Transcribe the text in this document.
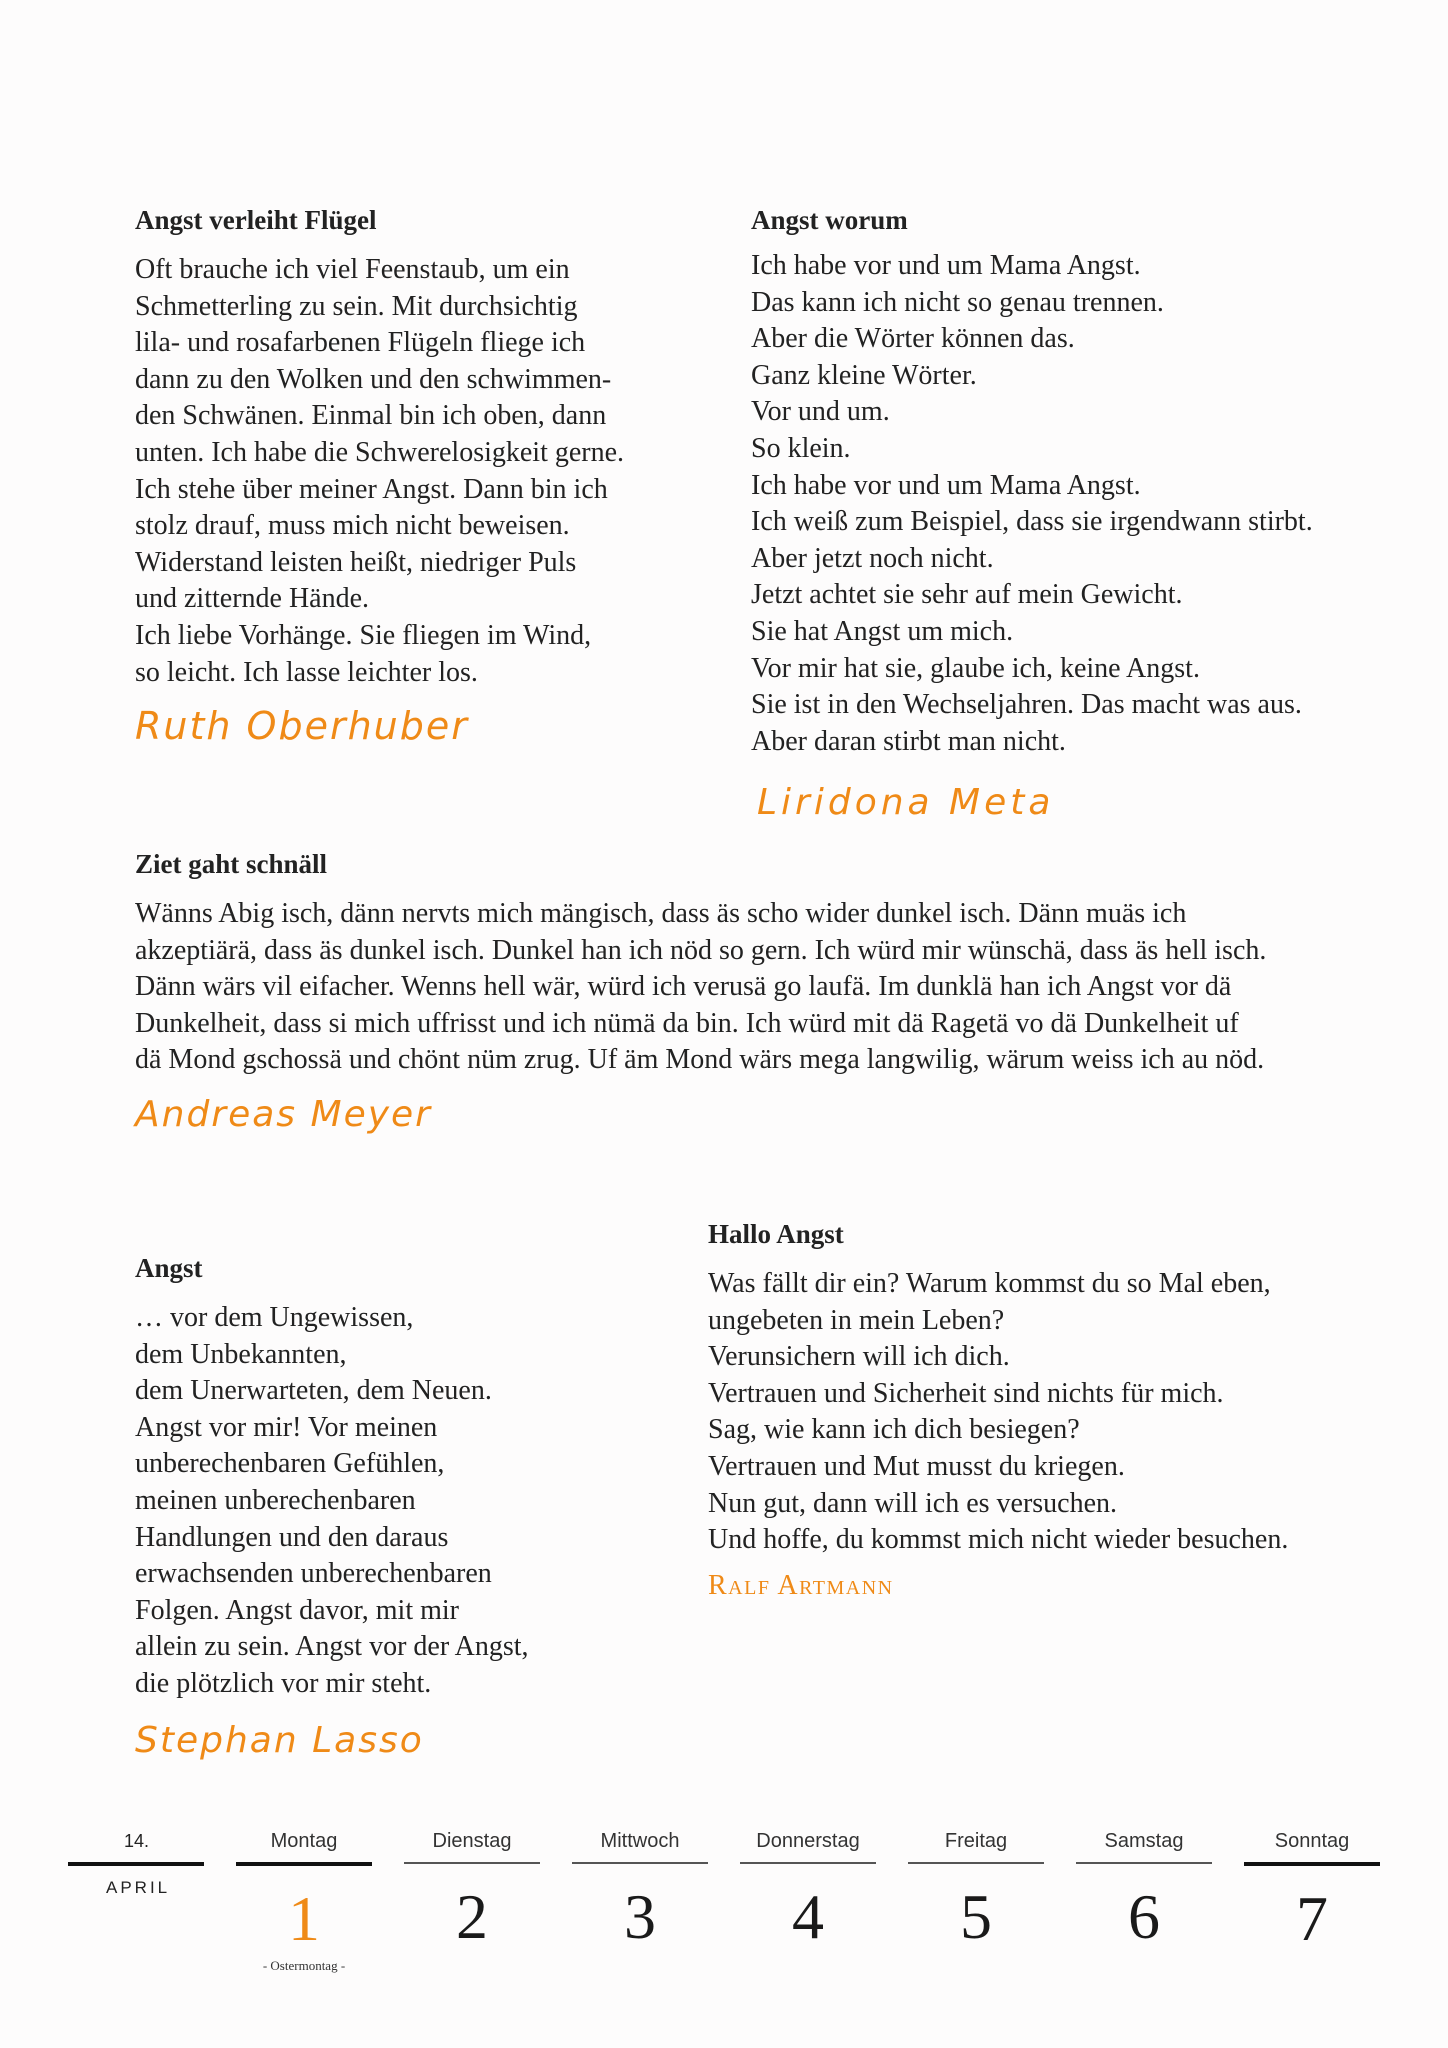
Angst verleiht Flügel
Oft brauche ich viel Feenstaub, um ein
Schmetterling zu sein. Mit durchsichtig
lila- und rosafarbenen Flügeln fliege ich
dann zu den Wolken und den schwimmen-
den Schwänen. Einmal bin ich oben, dann
unten. Ich habe die Schwerelosigkeit gerne.
Ich stehe über meiner Angst. Dann bin ich
stolz drauf, muss mich nicht beweisen.
Widerstand leisten heißt, niedriger Puls
und zitternde Hände.
Ich liebe Vorhänge. Sie fliegen im Wind,
so leicht. Ich lasse leichter los.
Ruth Oberhuber
Angst worum
Ich habe vor und um Mama Angst.
Das kann ich nicht so genau trennen.
Aber die Wörter können das.
Ganz kleine Wörter.
Vor und um.
So klein.
Ich habe vor und um Mama Angst.
Ich weiß zum Beispiel, dass sie irgendwann stirbt.
Aber jetzt noch nicht.
Jetzt achtet sie sehr auf mein Gewicht.
Sie hat Angst um mich.
Vor mir hat sie, glaube ich, keine Angst.
Sie ist in den Wechseljahren. Das macht was aus.
Aber daran stirbt man nicht.
Liridona Meta
Ziet gaht schnäll
Wänns Abig isch, dänn nervts mich mängisch, dass äs scho wider dunkel isch. Dänn muäs ich
akzeptiärä, dass äs dunkel isch. Dunkel han ich nöd so gern. Ich würd mir wünschä, dass äs hell isch.
Dänn wärs vil eifacher. Wenns hell wär, würd ich verusä go laufä. Im dunklä han ich Angst vor dä
Dunkelheit, dass si mich uffrisst und ich nümä da bin. Ich würd mit dä Ragetä vo dä Dunkelheit uf
dä Mond gschossä und chönt nüm zrug. Uf äm Mond wärs mega langwilig, wärum weiss ich au nöd.
Andreas Meyer
Angst
… vor dem Ungewissen,
dem Unbekannten,
dem Unerwarteten, dem Neuen.
Angst vor mir! Vor meinen
unberechenbaren Gefühlen,
meinen unberechenbaren
Handlungen und den daraus
erwachsenden unberechenbaren
Folgen. Angst davor, mit mir
allein zu sein. Angst vor der Angst,
die plötzlich vor mir steht.
Stephan Lasso
Hallo Angst
Was fällt dir ein? Warum kommst du so Mal eben,
ungebeten in mein Leben?
Verunsichern will ich dich.
Vertrauen und Sicherheit sind nichts für mich.
Sag, wie kann ich dich besiegen?
Vertrauen und Mut musst du kriegen.
Nun gut, dann will ich es versuchen.
Und hoffe, du kommst mich nicht wieder besuchen.
Ralf Artmann
14.
APRIL
Montag
1
- Ostermontag -
Dienstag
2
Mittwoch
3
Donnerstag
4
Freitag
5
Samstag
6
Sonntag
7
